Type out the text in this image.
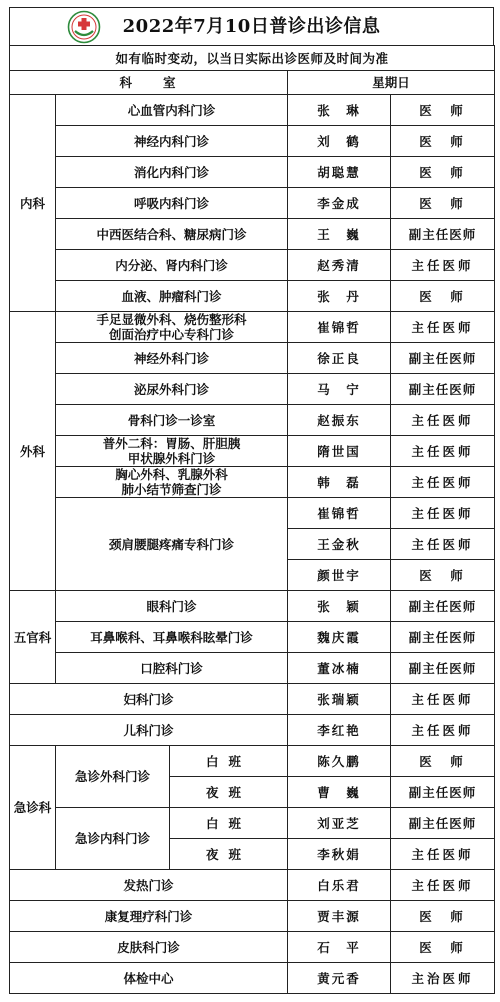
2022年7月10日普诊出诊信息
如有临时变动，以当日实际出诊医师及时间为准				
科　　室			星期日	
内科	心血管内科门诊		张　琳	医　师
	神经内科门诊		刘　鹤	医　师
	消化内科门诊		胡聪慧	医　师
	呼吸内科门诊		李金成	医　师
	中西医结合科、糖尿病门诊		王　巍	副主任医师
	内分泌、肾内科门诊		赵秀清	主任医师
	血液、肿瘤科门诊		张　丹	医　师
外科	手足显微外科、烧伤整形科
创面治疗中心专科门诊		崔锦哲	主任医师
	神经外科门诊		徐正良	副主任医师
	泌尿外科门诊		马　宁	副主任医师
	骨科门诊一诊室		赵振东	主任医师

	普外二科：胃肠、肝胆胰
甲状腺外科门诊		隋世国	主任医师

	胸心外科、乳腺外科
肺小结节筛查门诊		韩　磊	主任医师
	颈肩腰腿疼痛专科门诊		崔锦哲	主任医师
			王金秋	主任医师
			颜世宇	医　师
五官科	眼科门诊		张　颖	副主任医师
	耳鼻喉科、耳鼻喉科眩晕门诊		魏庆霞	副主任医师
	口腔科门诊		董冰楠	副主任医师
妇科门诊			张瑞颖	主任医师
儿科门诊			李红艳	主任医师
急诊科	急诊外科门诊	白班	陈久鹏	医　师
		夜班	曹　巍	副主任医师
	急诊内科门诊	白班	刘亚芝	副主任医师
		夜班	李秋娟	主任医师
发热门诊			白乐君	主任医师
康复理疗科门诊			贾丰源	医　师
皮肤科门诊			石　平	医　师
体检中心			黄元香	主治医师
